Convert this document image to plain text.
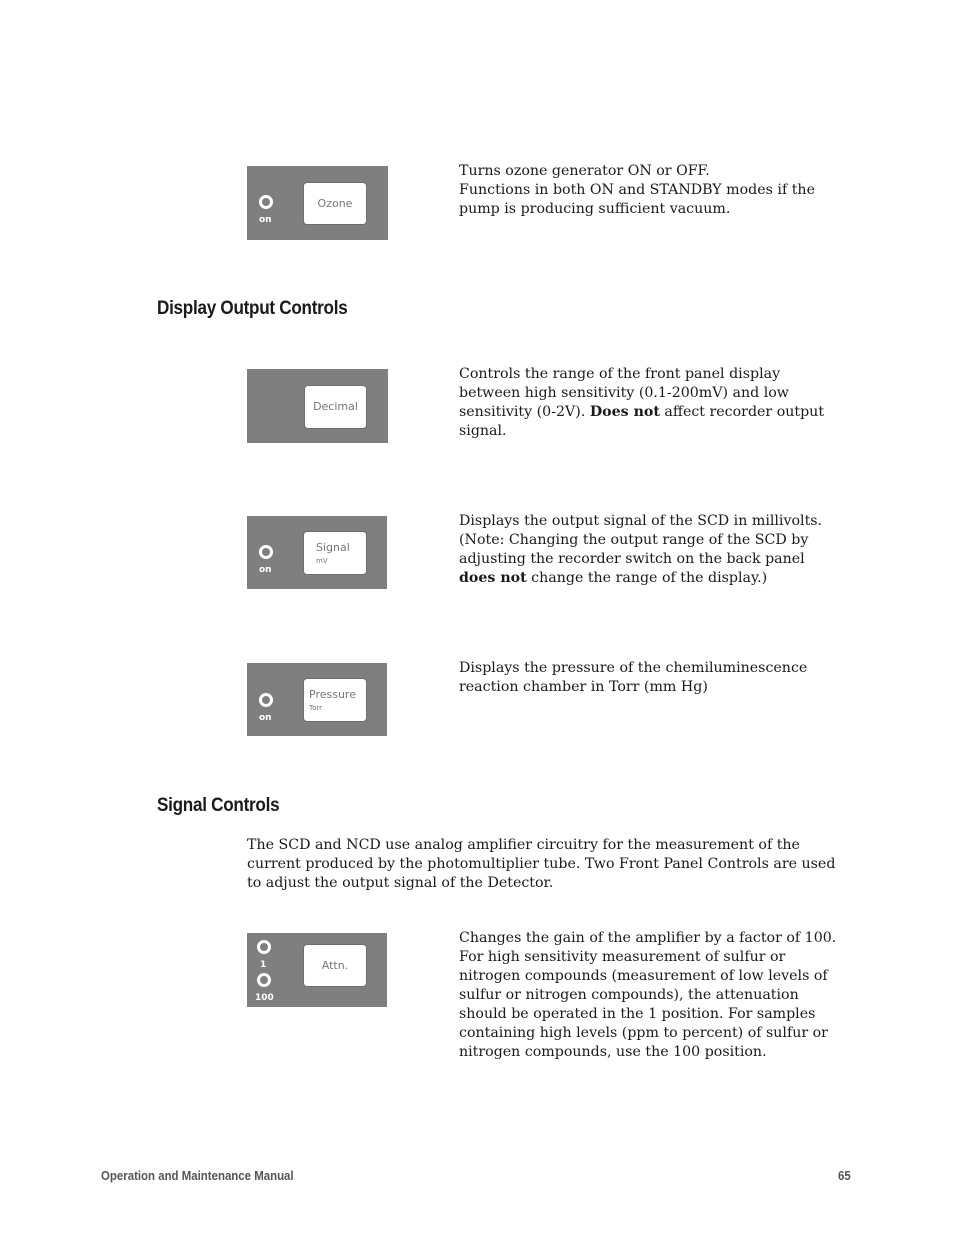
on
Ozone

Turns ozone generator ON or OFF.

Functions in both ON and STANDBY modes if the pump is producing sufficient vacuum.

Display Output Controls
Decimal

Controls the range of the front panel display between high sensitivity (0.1-200mV) and low sensitivity (0-2V). Does not affect recorder output signal.

on
Signal
mV

Displays the output signal of the SCD in millivolts. (Note: Changing the output range of the SCD by adjusting the recorder switch on the back panel does not change the range of the display.)

on
Pressure
Torr
Displays the pressure of the chemiluminescence reaction chamber in Torr (mm Hg)
Signal Controls

The SCD and NCD use analog amplifier circuitry for the measurement of the current produced by the photomultiplier tube. Two Front Panel Controls are used to adjust the output signal of the Detector.

1
100
Attn.
Changes the gain of the amplifier by a factor of 100. For high sensitivity measurement of sulfur or nitrogen compounds (measurement of low levels of sulfur or nitrogen compounds), the attenuation should be operated in the 1 position. For samples containing high levels (ppm to percent) of sulfur or nitrogen compounds, use the 100 position.
Operation and Maintenance Manual	65
